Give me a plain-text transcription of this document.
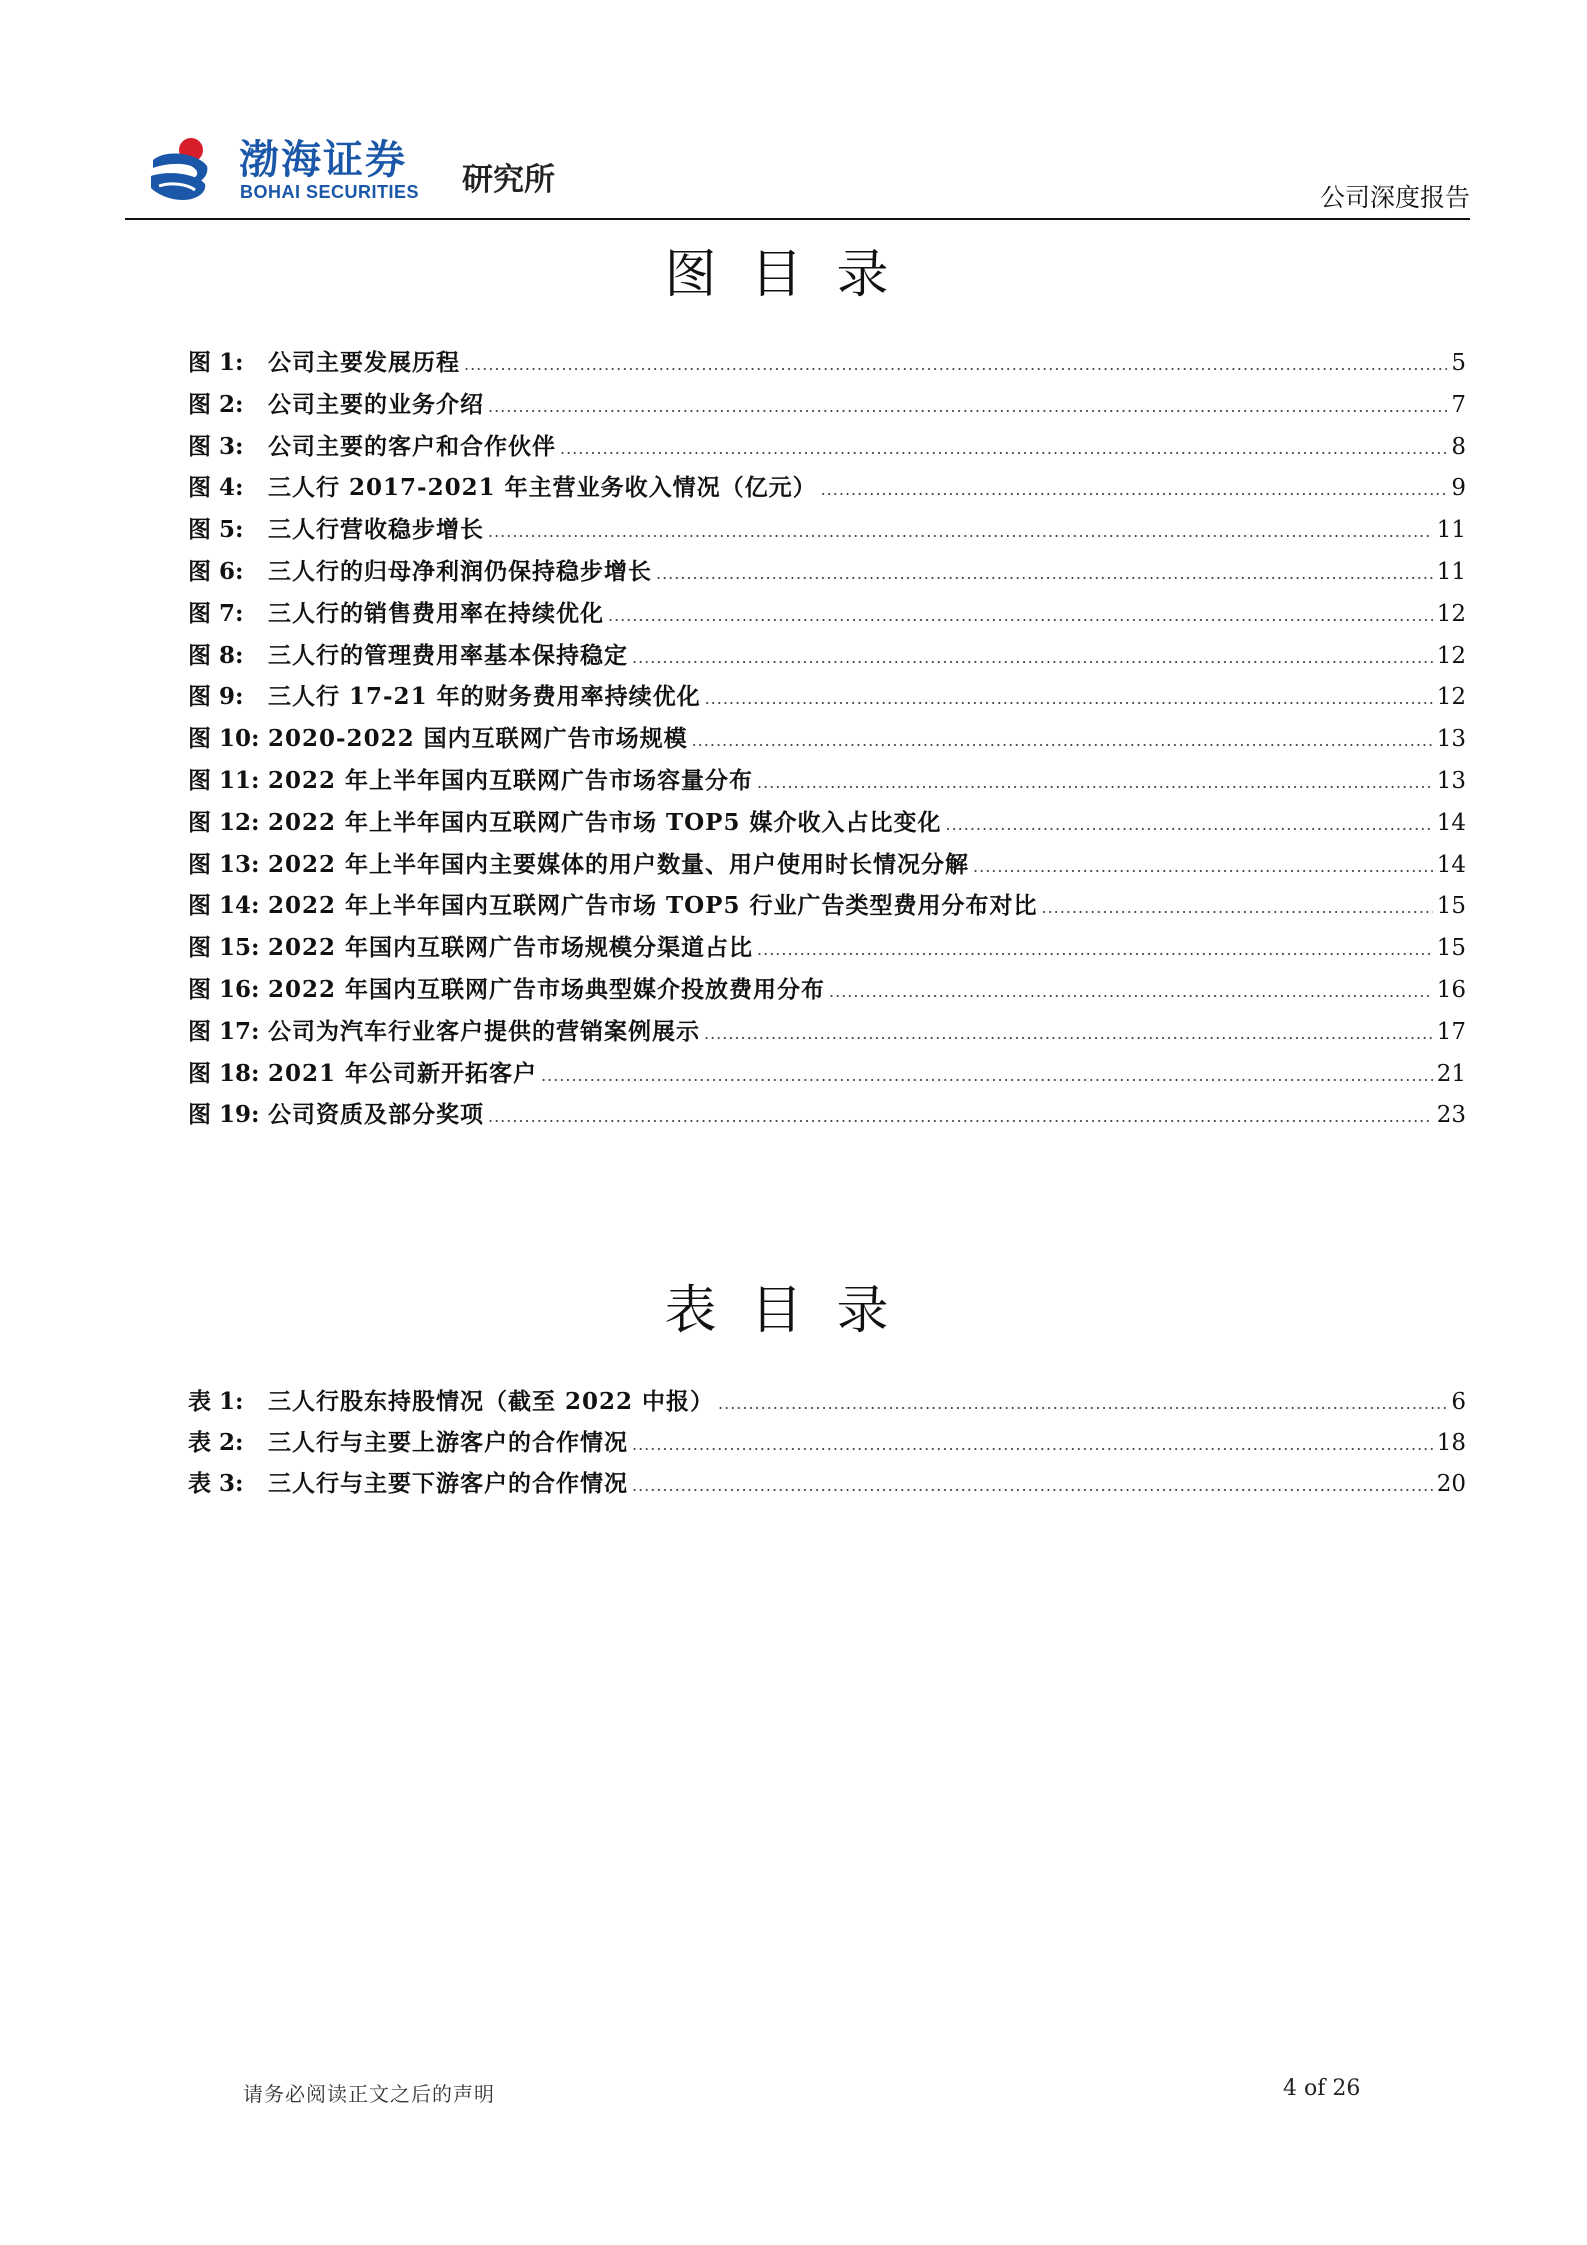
渤海证券
BOHAI SECURITIES 研究所	公司深度报告
图目录
图 1:	公司主要发展历程 .....	5
图 2:	公司主要的业务介绍 .....	7
图 3:	公司主要的客户和合作伙伴 .....	8
图 4:	三人行 2017-2021 年主营业务收入情况（亿元） .....	9
图 5:	三人行营收稳步增长 .....	11
图 6:	三人行的归母净利润仍保持稳步增长 .....	11
图 7:	三人行的销售费用率在持续优化 .....	12
图 8:	三人行的管理费用率基本保持稳定 .....	12
图 9:	三人行 17-21 年的财务费用率持续优化 .....	12
图 10: 2020-2022 国内互联网广告市场规模 .....	13
图 11: 2022 年上半年国内互联网广告市场容量分布 .....	13
图 12: 2022 年上半年国内互联网广告市场 TOP5 媒介收入占比变化 .....	14
图 13: 2022 年上半年国内主要媒体的用户数量、用户使用时长情况分解 .....	14
图 14: 2022 年上半年国内互联网广告市场 TOP5 行业广告类型费用分布对比 .....	15
图 15: 2022 年国内互联网广告市场规模分渠道占比 .....	15
图 16: 2022 年国内互联网广告市场典型媒介投放费用分布 .....	16
图 17: 公司为汽车行业客户提供的营销案例展示 .....	17
图 18: 2021 年公司新开拓客户 .....	21
图 19: 公司资质及部分奖项 .....	23
表目录
表 1:	三人行股东持股情况（截至 2022 中报） .....	6
表 2:	三人行与主要上游客户的合作情况 .....	18
表 3:	三人行与主要下游客户的合作情况 .....	20
请务必阅读正文之后的声明	4 of 26
